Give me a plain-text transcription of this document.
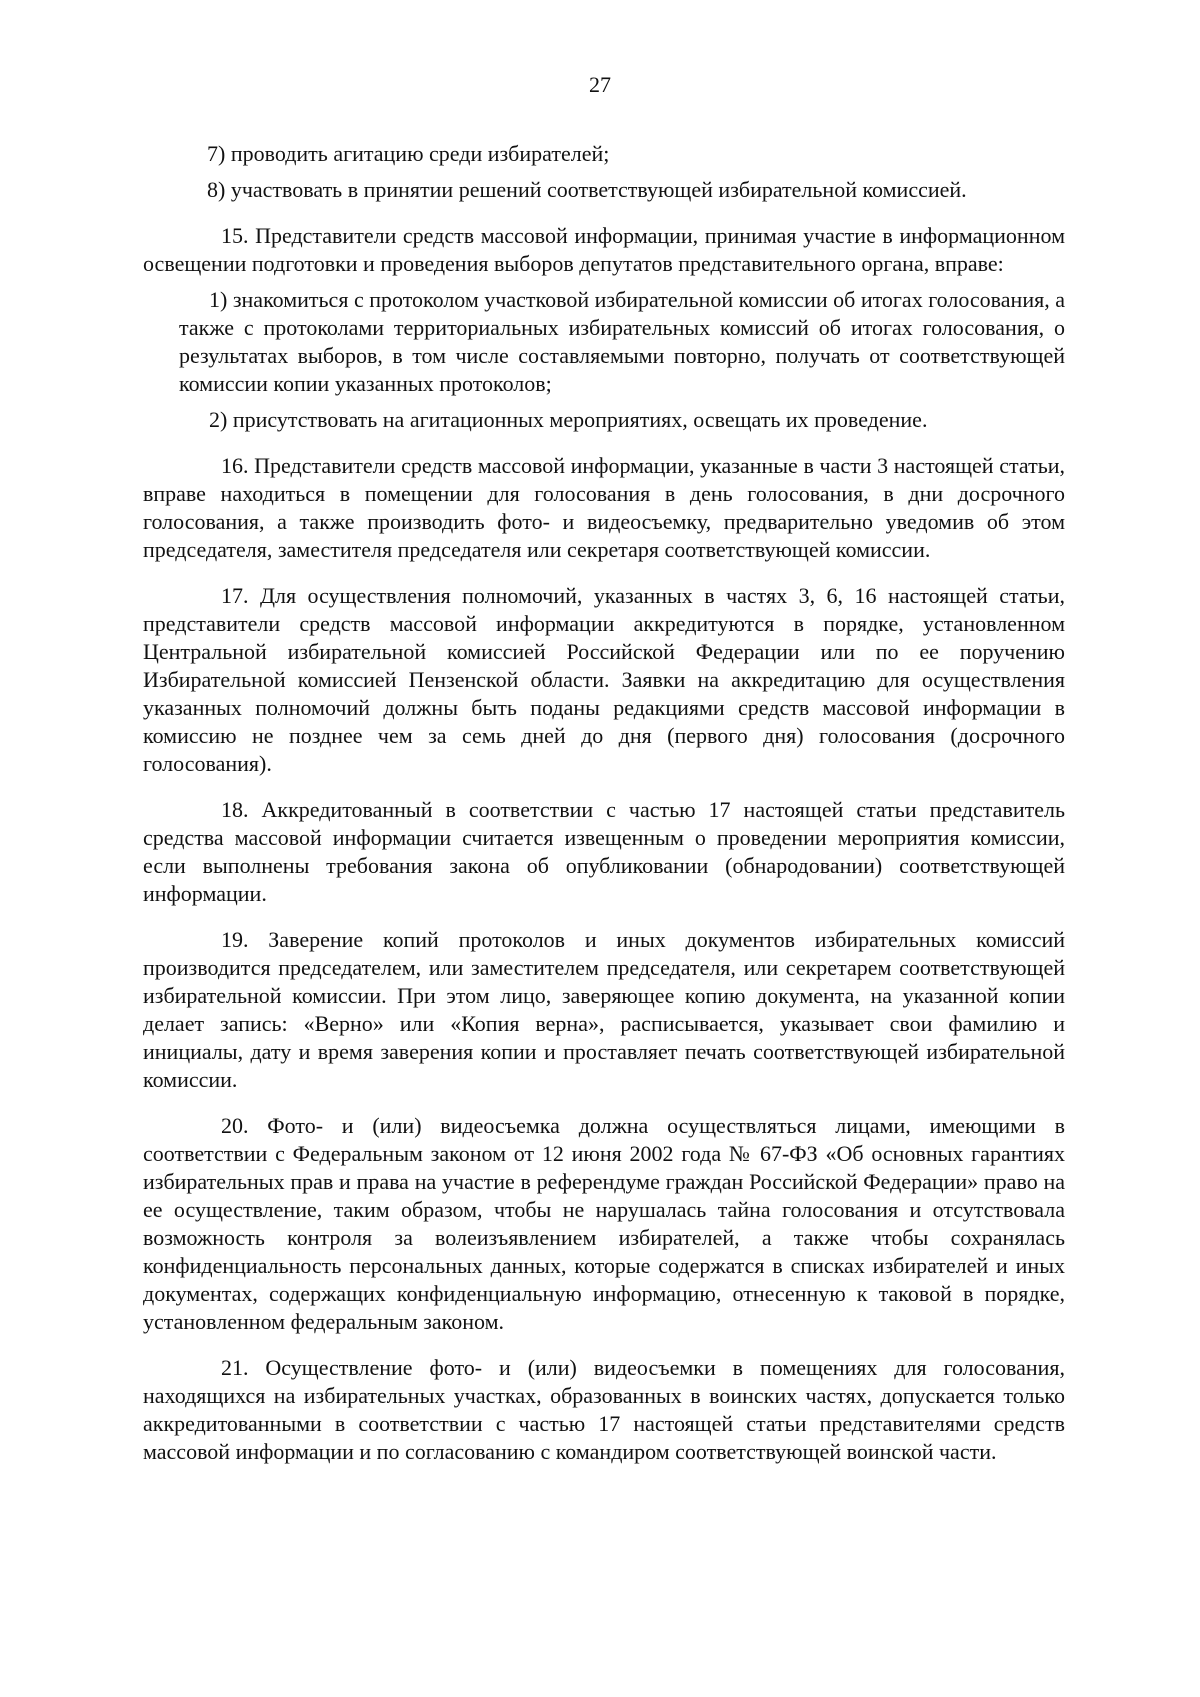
27

7) проводить агитацию среди избирателей;

8) участвовать в принятии решений соответствующей избирательной комиссией.

15. Представители средств массовой информации, принимая участие в информационном освещении подготовки и проведения выборов депутатов представительного органа, вправе:

1) знакомиться с протоколом участковой избирательной комиссии об итогах голосования, а также с протоколами территориальных избирательных комиссий об итогах голосования, о результатах выборов, в том числе составляемыми повторно, получать от соответствующей комиссии копии указанных протоколов;

2) присутствовать на агитационных мероприятиях, освещать их проведение.

16. Представители средств массовой информации, указанные в части 3 настоящей статьи, вправе находиться в помещении для голосования в день голосования, в дни досрочного голосования, а также производить фото- и видеосъемку, предварительно уведомив об этом председателя, заместителя председателя или секретаря соответствующей комиссии.

17. Для осуществления полномочий, указанных в частях 3, 6, 16 настоящей статьи, представители средств массовой информации аккредитуются в порядке, установленном Центральной избирательной комиссией Российской Федерации или по ее поручению Избирательной комиссией Пензенской области. Заявки на аккредитацию для осуществления указанных полномочий должны быть поданы редакциями средств массовой информации в комиссию не позднее чем за семь дней до дня (первого дня) голосования (досрочного голосования).

18. Аккредитованный в соответствии с частью 17 настоящей статьи представитель средства массовой информации считается извещенным о проведении мероприятия комиссии, если выполнены требования закона об опубликовании (обнародовании) соответствующей информации.

19. Заверение копий протоколов и иных документов избирательных комиссий производится председателем, или заместителем председателя, или секретарем соответствующей избирательной комиссии. При этом лицо, заверяющее копию документа, на указанной копии делает запись: «Верно» или «Копия верна», расписывается, указывает свои фамилию и инициалы, дату и время заверения копии и проставляет печать соответствующей избирательной комиссии.

20. Фото- и (или) видеосъемка должна осуществляться лицами, имеющими в соответствии с Федеральным законом от 12 июня 2002 года № 67-ФЗ «Об основных гарантиях избирательных прав и права на участие в референдуме граждан Российской Федерации» право на ее осуществление, таким образом, чтобы не нарушалась тайна голосования и отсутствовала возможность контроля за волеизъявлением избирателей, а также чтобы сохранялась конфиденциальность персональных данных, которые содержатся в списках избирателей и иных документах, содержащих конфиденциальную информацию, отнесенную к таковой в порядке, установленном федеральным законом.

21. Осуществление фото- и (или) видеосъемки в помещениях для голосования, находящихся на избирательных участках, образованных в воинских частях, допускается только аккредитованными в соответствии с частью 17 настоящей статьи представителями средств массовой информации и по согласованию с командиром соответствующей воинской части.
